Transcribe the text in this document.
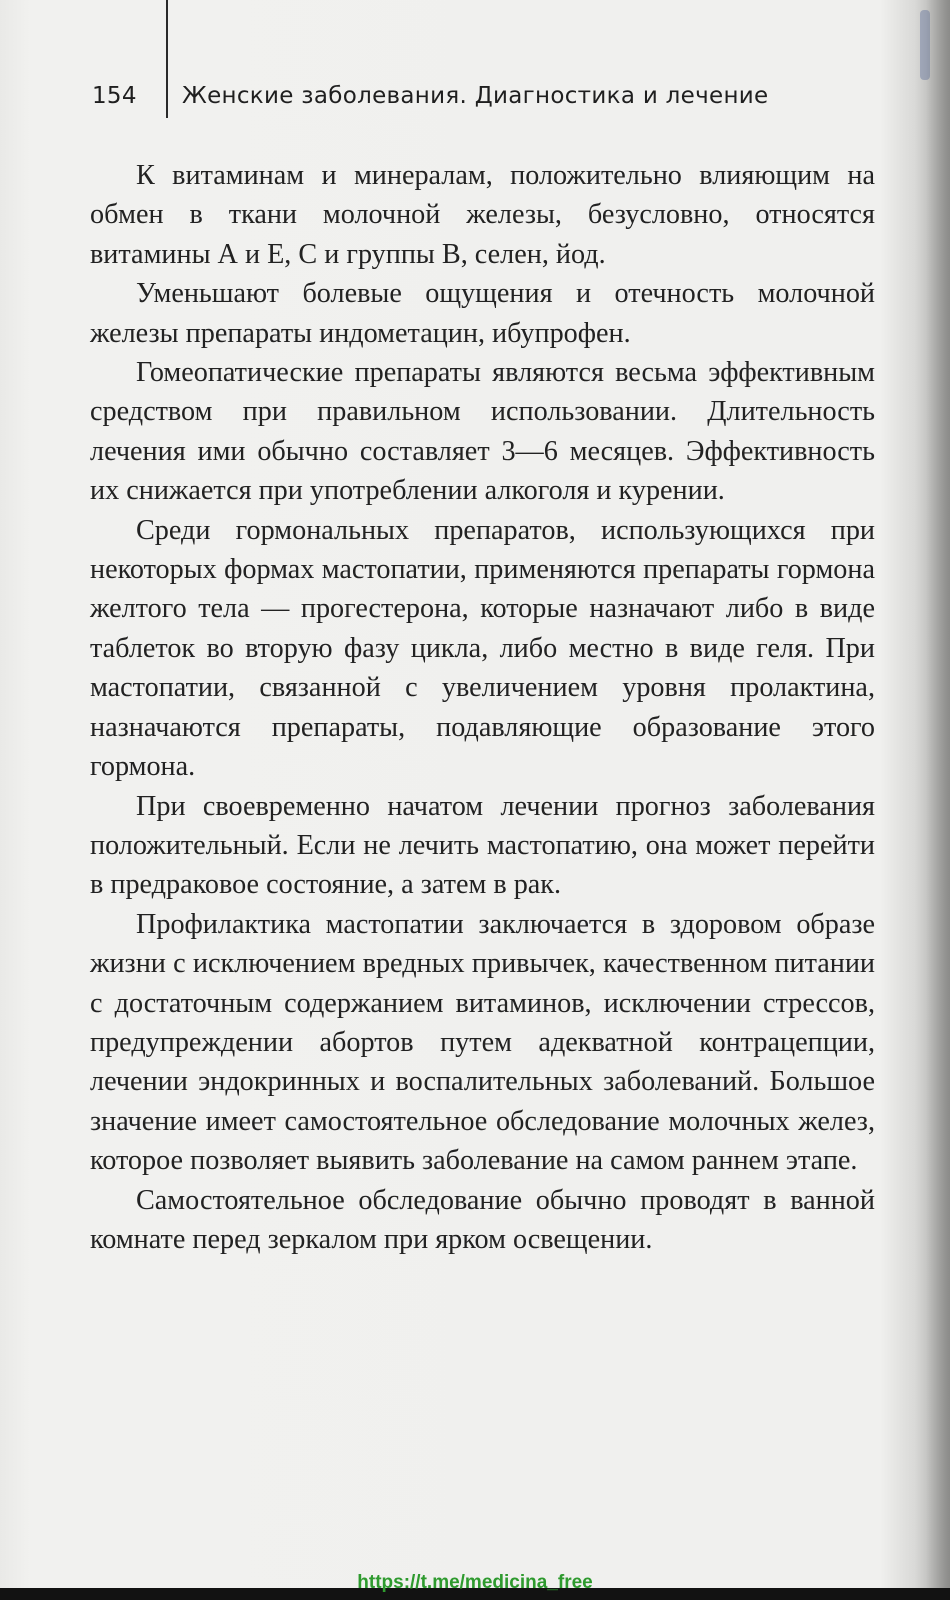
154	Женские заболевания. Диагностика и лечение

К витаминам и минералам, положительно влияющим на обмен в ткани молочной железы, безусловно, относятся витамины А и Е, С и группы В, селен, йод.

Уменьшают болевые ощущения и отечность молочной железы препараты индометацин, ибупрофен.

Гомеопатические препараты являются весьма эффективным средством при правильном использовании. Длительность лечения ими обычно составляет 3—6 месяцев. Эффективность их снижается при употреблении алкоголя и курении.

Среди гормональных препаратов, использующихся при некоторых формах мастопатии, применяются препараты гормона желтого тела — прогестерона, которые назначают либо в виде таблеток во вторую фазу цикла, либо местно в виде геля. При мастопатии, связанной с увеличением уровня пролактина, назначаются препараты, подавляющие образование этого гормона.

При своевременно начатом лечении прогноз заболевания положительный. Если не лечить мастопатию, она может перейти в предраковое состояние, а затем в рак.

Профилактика мастопатии заключается в здоровом образе жизни с исключением вредных привычек, качественном питании с достаточным содержанием витаминов, исключении стрессов, предупреждении абортов путем адекватной контрацепции, лечении эндокринных и воспалительных заболеваний. Большое значение имеет самостоятельное обследование молочных желез, которое позволяет выявить заболевание на самом раннем этапе.

Самостоятельное обследование обычно проводят в ванной комнате перед зеркалом при ярком освещении.

https://t.me/medicina_free
